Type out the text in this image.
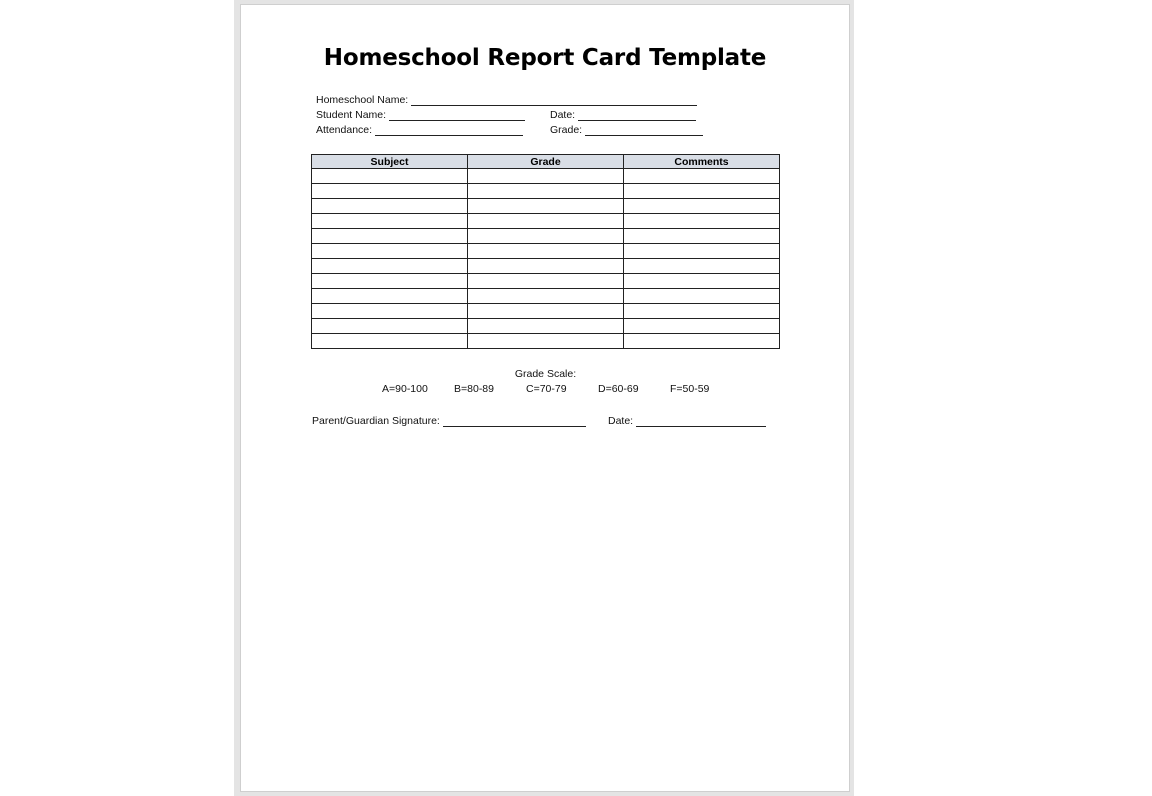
Homeschool Report Card Template
Homeschool Name:
Student Name:	Date:
Attendance:	Grade:
Subject	Grade	Comments

Grade Scale:
A=90-100 B=80-89	C=70-79	D=60-69	F=50-59
Parent/Guardian Signature:	Date:
